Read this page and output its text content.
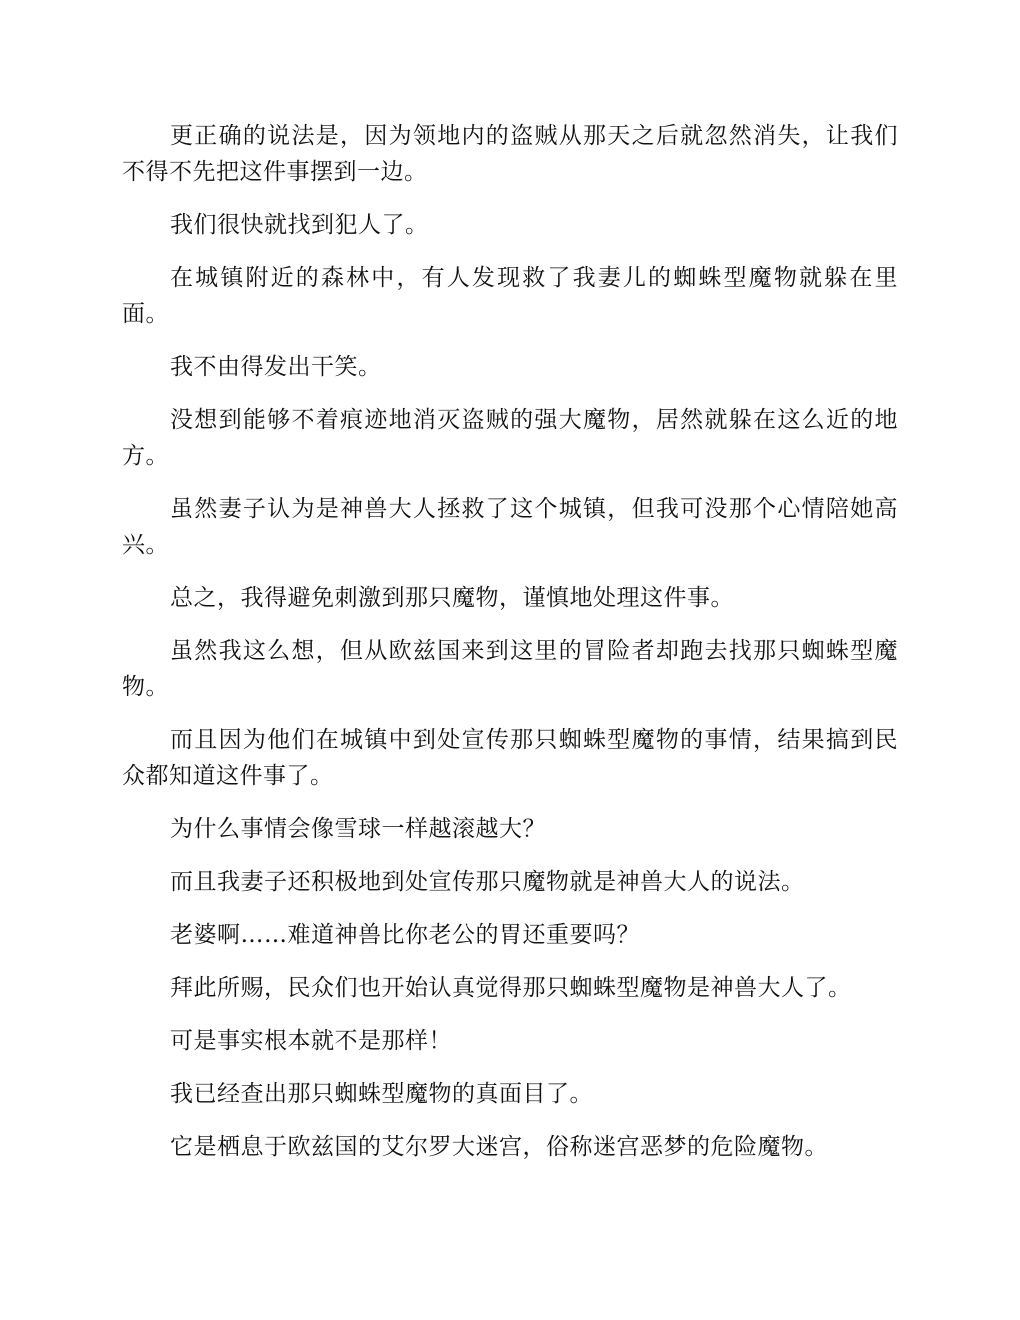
更正确的说法是，因为领地内的盗贼从那天之后就忽然消失，让我们不得不先把这件事摆到一边。

我们很快就找到犯人了。

在城镇附近的森林中，有人发现救了我妻儿的蜘蛛型魔物就躲在里面。

我不由得发出干笑。

没想到能够不着痕迹地消灭盗贼的强大魔物，居然就躲在这么近的地方。

虽然妻子认为是神兽大人拯救了这个城镇，但我可没那个心情陪她高兴。

总之，我得避免刺激到那只魔物，谨慎地处理这件事。

虽然我这么想，但从欧兹国来到这里的冒险者却跑去找那只蜘蛛型魔物。

而且因为他们在城镇中到处宣传那只蜘蛛型魔物的事情，结果搞到民众都知道这件事了。

为什么事情会像雪球一样越滚越大？

而且我妻子还积极地到处宣传那只魔物就是神兽大人的说法。

老婆啊……难道神兽比你老公的胃还重要吗？

拜此所赐，民众们也开始认真觉得那只蜘蛛型魔物是神兽大人了。

可是事实根本就不是那样！

我已经查出那只蜘蛛型魔物的真面目了。

它是栖息于欧兹国的艾尔罗大迷宫，俗称迷宫恶梦的危险魔物。
